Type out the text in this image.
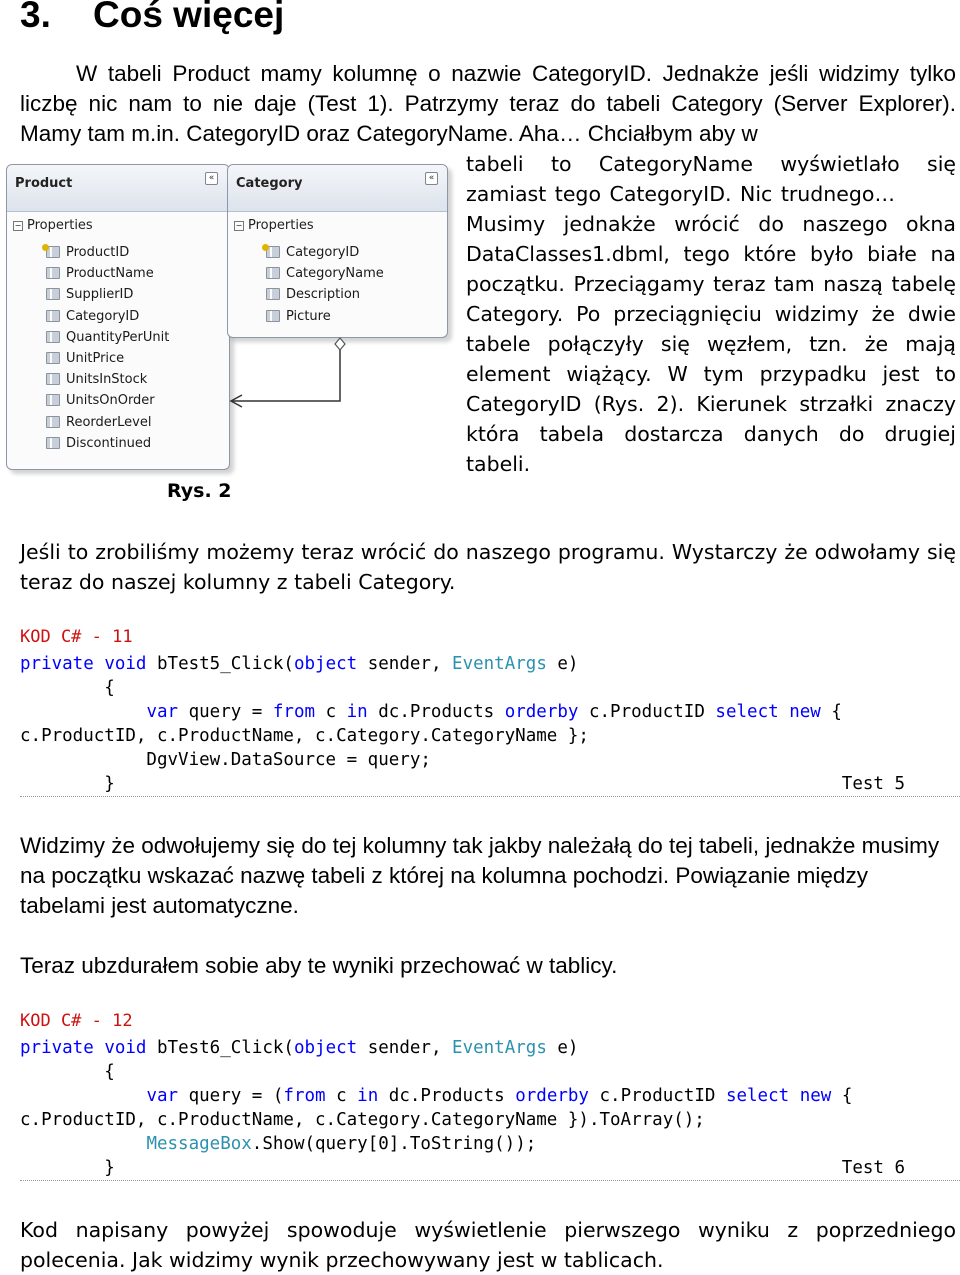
3. Coś więcej

W tabeli Product mamy kolumnę o nazwie CategoryID. Jednakże jeśli widzimy tylko liczbę nic nam to nie daje (Test 1). Patrzymy teraz do tabeli Category (Server Explorer). Mamy tam m.in. CategoryID oraz CategoryName. Aha… Chciałbym aby w

Product	«
− Properties
ProductID
ProductName
SupplierID
CategoryID
QuantityPerUnit
UnitPrice
UnitsInStock
UnitsOnOrder
ReorderLevel
Discontinued
Category	«
− Properties
CategoryID
CategoryName
Description
Picture
Rys. 2

tabeli to CategoryName wyświetlało się zamiast tego CategoryID. Nic trudnego…

Musimy jednakże wrócić do naszego okna DataClasses1.dbml, tego które było białe na początku. Przeciągamy teraz tam naszą tabelę Category. Po przeciągnięciu widzimy że dwie tabele połączyły się węzłem, tzn. że mają element wiążący. W tym przypadku jest to CategoryID (Rys. 2). Kierunek strzałki znaczy która tabela dostarcza danych do drugiej tabeli.

Jeśli to zrobiliśmy możemy teraz wrócić do naszego programu. Wystarczy że odwołamy się teraz do naszej kolumny z tabeli Category.

KOD C# - 11
private void bTest5_Click(object sender, EventArgs e)
{
var query = from c in dc.Products orderby c.ProductID select new {
c.ProductID, c.ProductName, c.Category.CategoryName };
DgvView.DataSource = query;
}	Test 5

Widzimy że odwołujemy się do tej kolumny tak jakby należałą do tej tabeli, jednakże musimy na początku wskazać nazwę tabeli z której na kolumna pochodzi. Powiązanie między tabelami jest automatyczne.

Teraz ubzdurałem sobie aby te wyniki przechować w tablicy.

KOD C# - 12
private void bTest6_Click(object sender, EventArgs e)
{
var query = (from c in dc.Products orderby c.ProductID select new {
c.ProductID, c.ProductName, c.Category.CategoryName }).ToArray();
MessageBox.Show(query[0].ToString());
}	Test 6

Kod napisany powyżej spowoduje wyświetlenie pierwszego wyniku z poprzedniego polecenia. Jak widzimy wynik przechowywany jest w tablicach.
